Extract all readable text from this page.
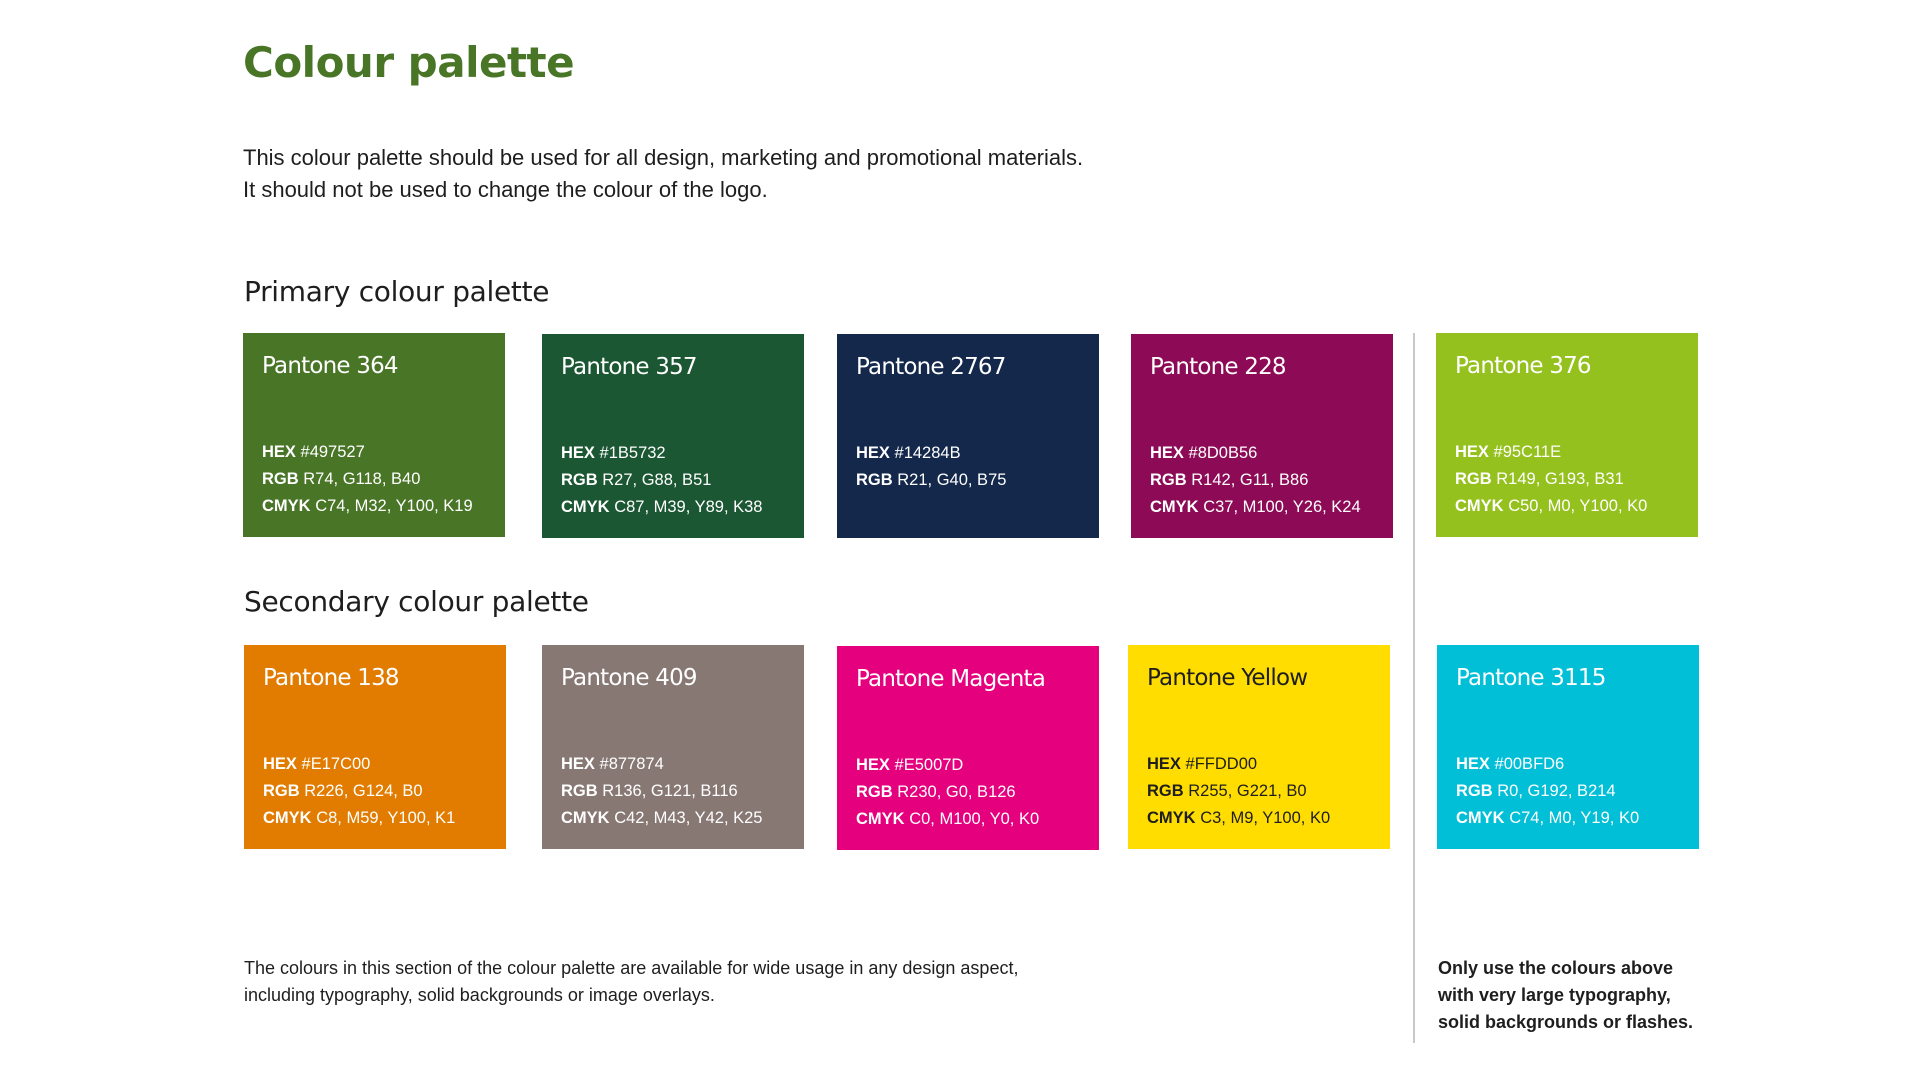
Colour palette

This colour palette should be used for all design, marketing and promotional materials.

It should not be used to change the colour of the logo.

Primary colour palette

Pantone 364

HEX #497527
RGB R74, G118, B40
CMYK C74, M32, Y100, K19

Pantone 357

HEX #1B5732
RGB R27, G88, B51
CMYK C87, M39, Y89, K38

Pantone 2767

HEX #14284B
RGB R21, G40, B75

Pantone 228

HEX #8D0B56
RGB R142, G11, B86
CMYK C37, M100, Y26, K24

Pantone 376

HEX #95C11E
RGB R149, G193, B31
CMYK C50, M0, Y100, K0
Secondary colour palette

Pantone 138

HEX #E17C00
RGB R226, G124, B0
CMYK C8, M59, Y100, K1

Pantone 409

HEX #877874
RGB R136, G121, B116
CMYK C42, M43, Y42, K25

Pantone Magenta

HEX #E5007D
RGB R230, G0, B126
CMYK C0, M100, Y0, K0

Pantone Yellow

HEX #FFDD00
RGB R255, G221, B0
CMYK C3, M9, Y100, K0

Pantone 3115

HEX #00BFD6
RGB R0, G192, B214
CMYK C74, M0, Y19, K0
The colours in this section of the colour palette are available for wide usage in any design aspect,
including typography, solid backgrounds or image overlays.
Only use the colours above
with very large typography,
solid backgrounds or flashes.
